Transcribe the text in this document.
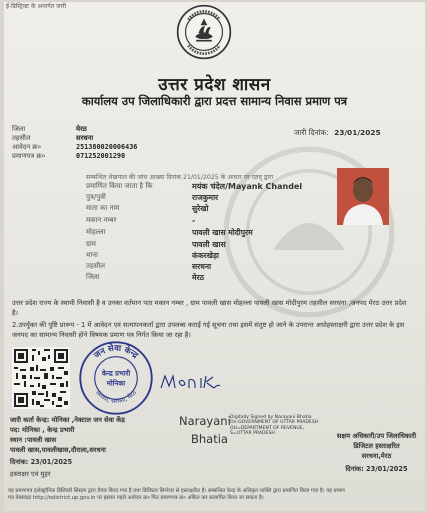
ई-डिस्ट्रिक्ट के अन्तर्गत जारी
उत्तर प्रदेश शासन
कार्यालय उप जिलाधिकारी द्वारा प्रदत्त सामान्य निवास प्रमाण पत्र
जिला	मेरठ
तहसील	सरधना
आवेदन क्र०	251380020006436
प्रमाणपत्र क्र०	071252001290
जारी दिनांक: 23/01/2025
सम्बन्धित लेखपाल की जांच आख्या दिनांक 21/01/2025 के आधार पर एतद् द्वारा
प्रमाणित किया जाता है कि	मयंक चंदेल/Mayank Chandel
पुत्र/पुत्री	राजकुमार
माता का नाम	सुरेखो
मकान नम्बर	-
मोहल्ला	पावली खास मोदीपुरम
ग्राम	पावली खास
थाना	कंकरखेड़ा
तहसील	सरधना
जिला	मेरठ
उत्तर प्रदेश राज्य के स्थायी निवासी है व उनका वर्तमान पता मकान नम्बर , ग्राम पावली खास मोहल्ला पावली खास मोदीपुरम तहसील सरधना ,जनपद मेरठ उत्तर प्रदेश है।
2.उपर्युक्त की पुष्टि प्रारूप - 1 में आवेदन एवं सत्यापनकर्ता द्वारा उपलब्ध कराई गई सूचना तथा इसमें संतुष्ट हो जाने के उपरान्त अधोहस्ताक्षरी द्वारा उत्तर प्रदेश के इस जनपद का सामान्य निवासी होने विषयक प्रमाण पत्र निर्गत किया जा रहा है।
जन सेवा केन्द्र
सलावा, सरधना, मेरठ
केन्द्र प्रभारी
मोनिका
Narayani
Bhatia
Digitally Signed by Narayani Bhatia On:GOVERNMENT OF UTTAR PRADESH OU=DEPARTMENT OF REVENUE, S=UTTAR PRADESH
जारी कर्ता केन्द्र: मोनिका ,नेक्टाल जन सेवा केंद्र
पद: मोनिका , केन्द्र प्रभारी
स्थान :पावली खास
पावली खास,पावलीखास,दौराला,सरधना
दिनांक: 23/01/2025
हस्ताक्षर एवं मुहर
सक्षम अधिकारी/उप जिलाधिकारी
डिजिटल हस्ताक्षरित
सरधना,मेरठ
दिनांक: 23/01/2025
यह प्रमाणपत्र इलेक्ट्रॉनिक डिलिवरी सिस्टम द्वारा तैयार किया गया है तथा डिजिटल सिग्नेचर से हस्ताक्षरित है। सम्बन्धित केन्द्र के अधिकृत व्यक्ति द्वारा प्रमाणित किया गया है। यह प्रमाण
पत्र वेबसाइट http://edistrict.up.gov.in पर इसका पहले आवेदन क्र० फिर प्रमाणपत्र क्र० अंकित कर सत्यापित किया जा सकता है।
